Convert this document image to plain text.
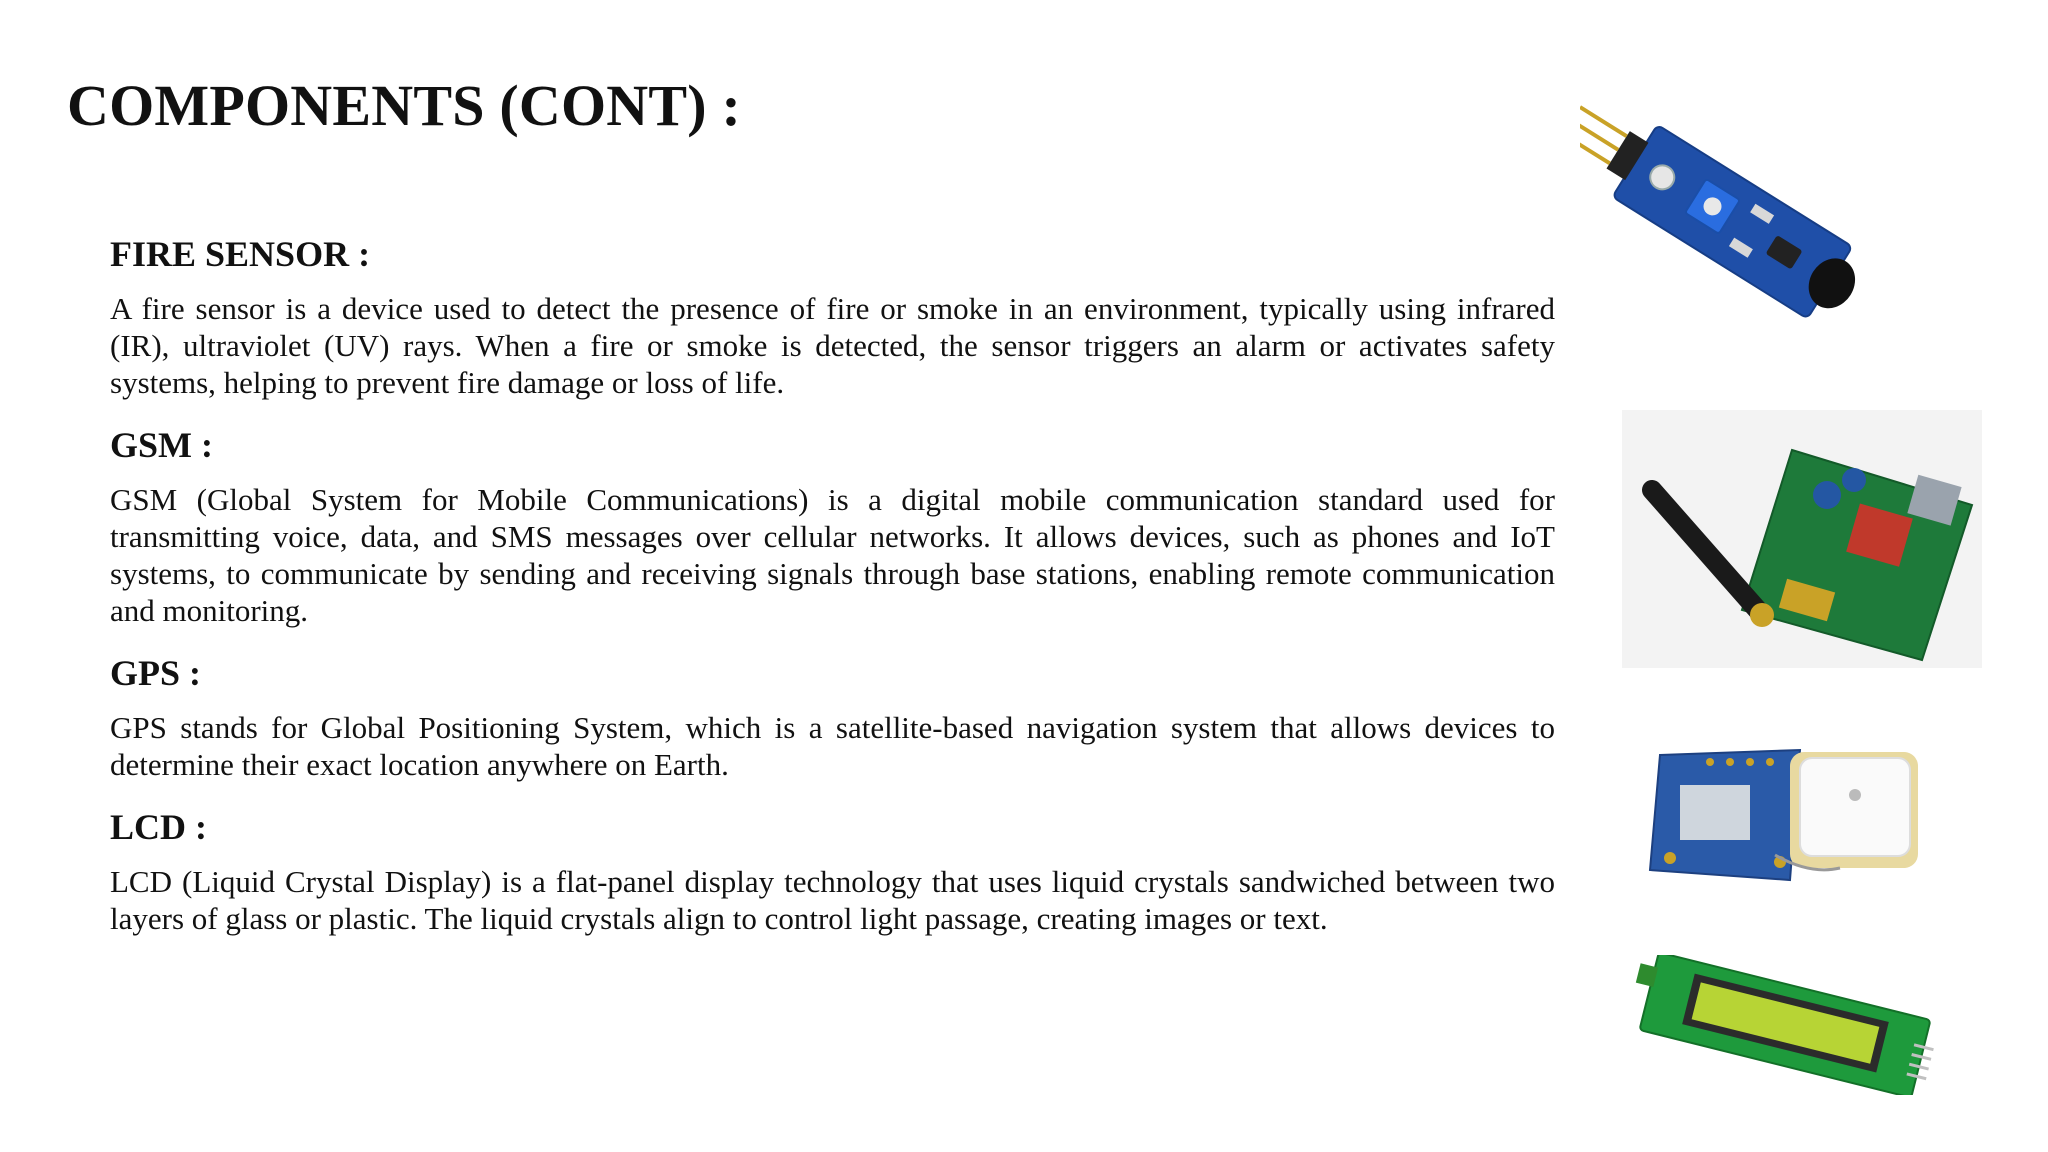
COMPONENTS (CONT) :
FIRE SENSOR :

A fire sensor is a device used to detect the presence of fire or smoke in an environment, typically using infrared (IR), ultraviolet (UV) rays. When a fire or smoke is detected, the sensor triggers an alarm or activates safety systems, helping to prevent fire damage or loss of life.

GSM :

GSM (Global System for Mobile Communications) is a digital mobile communication standard used for transmitting voice, data, and SMS messages over cellular networks. It allows devices, such as phones and IoT systems, to communicate by sending and receiving signals through base stations, enabling remote communication and monitoring.

GPS :

GPS stands for Global Positioning System, which is a satellite-based navigation system that allows devices to determine their exact location anywhere on Earth.

LCD :

LCD (Liquid Crystal Display) is a flat-panel display technology that uses liquid crystals sandwiched between two layers of glass or plastic. The liquid crystals align to control light passage, creating images or text.
